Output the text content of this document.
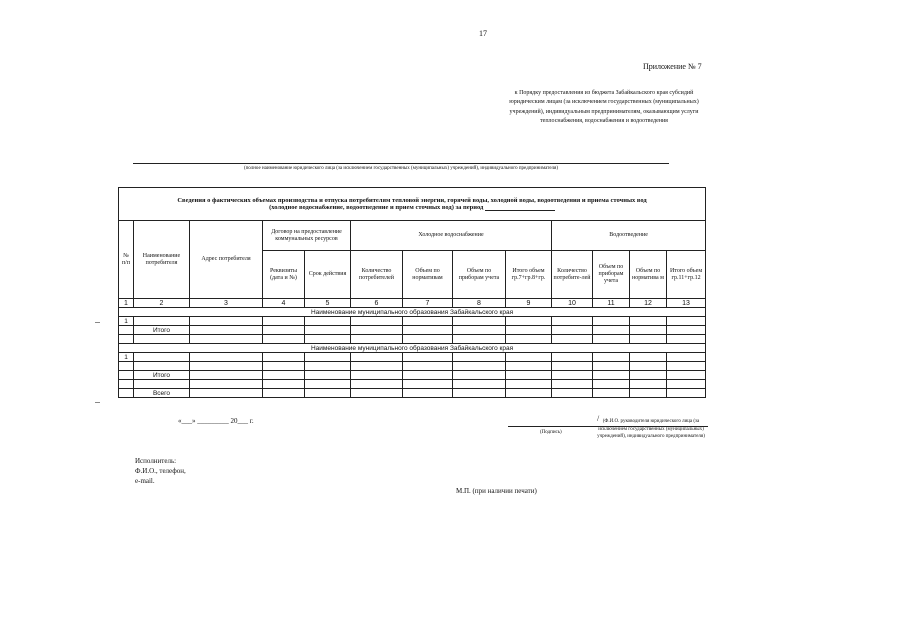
17
Приложение № 7
к Порядку предоставления из бюджета Забайкальского края субсидий юридическим лицам (за исключением государственных (муниципальных) учреждений), индивидуальным предпринимателям, оказывающим услуги теплоснабжения, водоснабжения и водоотведения
(полное наименование юридического лица (за исключением государственных (муниципальных) учреждений), индивидуального предпринимателя)
Сведения о фактических объемах производства и отпуска потребителям тепловой энергии, горячей воды, холодной воды, водоотведения и приема сточных вод
(холодное водоснабжение, водоотведение и прием сточных вод) за период												

№ п/п	Наименование потребителя	Адрес потребителя	Договор на предоставление коммунальных ресурсов		Холодное водоснабжение				Водоотведение			
			Реквизиты (дата и №)	Срок действия	Количество потребителей	Объем по нормативам	Объем по приборам учета	Итого объем гр.7+гр.8+гр.	Количество потребите-лей	Объем по приборам учета	Объем по норматива м	Итого объем гр.11+гр.12
1	2	3	4	5	6	7	8	9	10	11	12	13
Наименование муниципального образования Забайкальского края												
1												
	Итого											

Наименование муниципального образования Забайкальского края												
1												

	Итого											

	Всего											
«___» _________ 20___ г.	/
(Подпись)
(Ф.И.О. руководителя юридического лица (за исключением государственных (муниципальных) учреждений), индивидуального предпринимателя)
Исполнитель:
Ф.И.О., телефон,
e-mail.
М.П. (при наличии печати)
